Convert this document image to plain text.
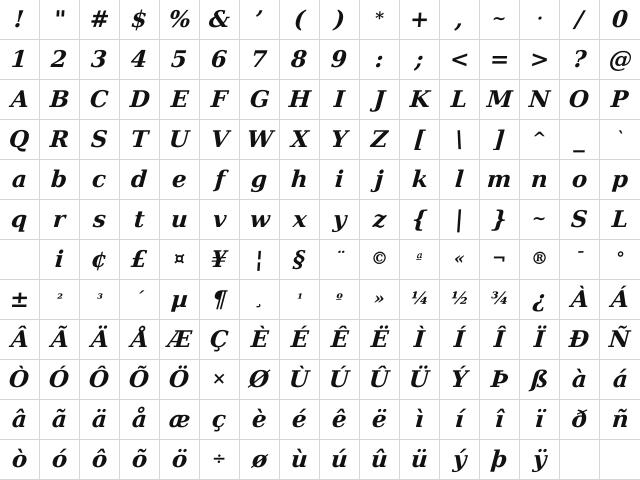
! " # $ % & ’ ( ) * + , ~ · / 0
1 2 3 4 5 6 7 8 9 : ; < = > ? @
A B C D E F G H I J K L M N O P
Q R S T U V W X Y Z [ \ ] ^ _ `
a b c d e f g h i j k l m n o p
q r s t u v w x y z { | } ~ S L
i ¢ £ ¤ ¥ ¦ § ¨ © ª « ¬ ® ¯ °
± ²	³ ´ µ ¶ ¸ ¹	º » ¼ ½ ¾ ¿ À Á
Â Ã Ä Å Æ Ç È É Ê Ë Ì Í Î Ï Ð Ñ
Ò Ó Ô Õ Ö × Ø Ù Ú Û Ü Ý Þ ß à á
â ã ä å æ ç è é ê ë ì í î ï ð ñ
ò ó ô õ ö ÷ ø ù ú û ü ý þ ÿ
